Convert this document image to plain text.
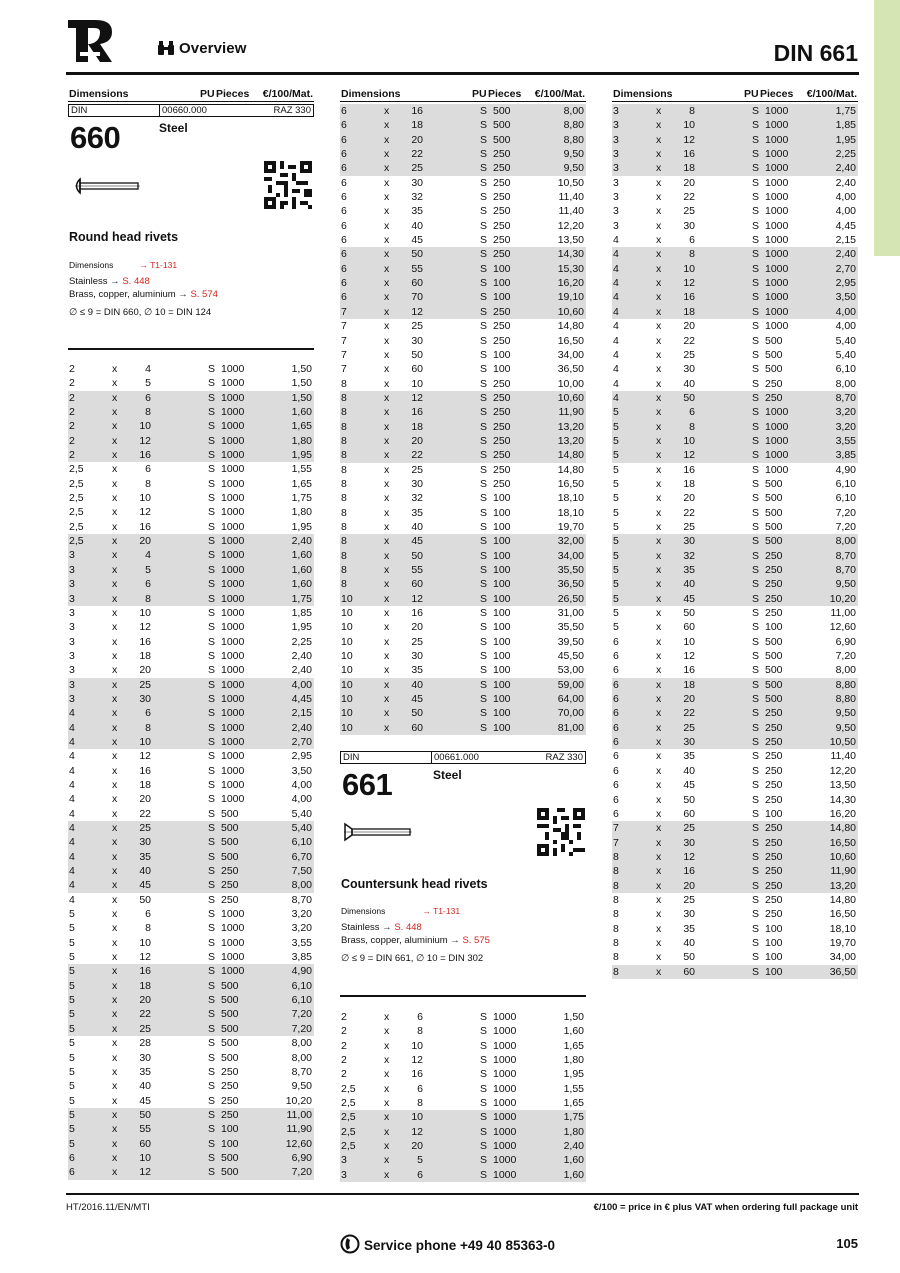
Overview	DIN 661
Dimensions	PU Pieces €/100/Mat.
DIN	00660.000	RAZ 330
660	Steel
Round head rivets
Dimensions	→ T1-131
Stainless → S. 448
Brass, copper, aluminium → S. 574
∅ ≤ 9 = DIN 660, ∅ 10 = DIN 124
2	x	4	S 1000	1,50
2	x	5	S 1000	1,50
2	x	6	S 1000	1,50
2	x	8	S 1000	1,60
2	x 10	S 1000	1,65
2	x 12	S 1000	1,80
2	x 16	S 1000	1,95
2,5	x	6	S 1000	1,55
2,5	x	8	S 1000	1,65
2,5	x 10	S 1000	1,75
2,5	x 12	S 1000	1,80
2,5	x 16	S 1000	1,95
2,5	x 20	S 1000	2,40
3	x	4	S 1000	1,60
3	x	5	S 1000	1,60
3	x	6	S 1000	1,60
3	x	8	S 1000	1,75
3	x 10	S 1000	1,85
3	x 12	S 1000	1,95
3	x 16	S 1000	2,25
3	x 18	S 1000	2,40
3	x 20	S 1000	2,40
3	x 25	S 1000	4,00
3	x 30	S 1000	4,45
4	x	6	S 1000	2,15
4	x	8	S 1000	2,40
4	x 10	S 1000	2,70
4	x 12	S 1000	2,95
4	x 16	S 1000	3,50
4	x 18	S 1000	4,00
4	x 20	S 1000	4,00
4	x 22	S 500	5,40
4	x 25	S 500	5,40
4	x 30	S 500	6,10
4	x 35	S 500	6,70
4	x 40	S 250	7,50
4	x 45	S 250	8,00
4	x 50	S 250	8,70
5	x	6	S 1000	3,20
5	x	8	S 1000	3,20
5	x 10	S 1000	3,55
5	x 12	S 1000	3,85
5	x 16	S 1000	4,90
5	x 18	S 500	6,10
5	x 20	S 500	6,10
5	x 22	S 500	7,20
5	x 25	S 500	7,20
5	x 28	S 500	8,00
5	x 30	S 500	8,00
5	x 35	S 250	8,70
5	x 40	S 250	9,50
5	x 45	S 250	10,20
5	x 50	S 250	11,00
5	x 55	S 100	11,90
5	x 60	S 100	12,60
6	x 10	S 500	6,90
6	x 12	S 500	7,20
Dimensions	PU Pieces €/100/Mat.
6	x 16	S 500	8,00
6	x 18	S 500	8,80
6	x 20	S 500	8,80
6	x 22	S 250	9,50
6	x 25	S 250	9,50
6	x 30	S 250	10,50
6	x 32	S 250	11,40
6	x 35	S 250	11,40
6	x 40	S 250	12,20
6	x 45	S 250	13,50
6	x 50	S 250	14,30
6	x 55	S 100	15,30
6	x 60	S 100	16,20
6	x 70	S 100	19,10
7	x 12	S 250	10,60
7	x 25	S 250	14,80
7	x 30	S 250	16,50
7	x 50	S 100	34,00
7	x 60	S 100	36,50
8	x 10	S 250	10,00
8	x 12	S 250	10,60
8	x 16	S 250	11,90
8	x 18	S 250	13,20
8	x 20	S 250	13,20
8	x 22	S 250	14,80
8	x 25	S 250	14,80
8	x 30	S 250	16,50
8	x 32	S 100	18,10
8	x 35	S 100	18,10
8	x 40	S 100	19,70
8	x 45	S 100	32,00
8	x 50	S 100	34,00
8	x 55	S 100	35,50
8	x 60	S 100	36,50
10	x 12	S 100	26,50
10	x 16	S 100	31,00
10	x 20	S 100	35,50
10	x 25	S 100	39,50
10	x 30	S 100	45,50
10	x 35	S 100	53,00
10	x 40	S 100	59,00
10	x 45	S 100	64,00
10	x 50	S 100	70,00
10	x 60	S 100	81,00
DIN	00661.000	RAZ 330
661	Steel
Countersunk head rivets
Dimensions	→ T1-131
Stainless → S. 448
Brass, copper, aluminium → S. 575
∅ ≤ 9 = DIN 661, ∅ 10 = DIN 302
2	x	6	S 1000	1,50
2	x	8	S 1000	1,60
2	x 10	S 1000	1,65
2	x 12	S 1000	1,80
2	x 16	S 1000	1,95
2,5	x	6	S 1000	1,55
2,5	x	8	S 1000	1,65
2,5	x 10	S 1000	1,75
2,5	x 12	S 1000	1,80
2,5	x 20	S 1000	2,40
3	x	5	S 1000	1,60
3	x	6	S 1000	1,60
Dimensions	PU Pieces €/100/Mat.
3	x	8	S 1000	1,75
3	x 10	S 1000	1,85
3	x 12	S 1000	1,95
3	x 16	S 1000	2,25
3	x 18	S 1000	2,40
3	x 20	S 1000	2,40
3	x 22	S 1000	4,00
3	x 25	S 1000	4,00
3	x 30	S 1000	4,45
4	x	6	S 1000	2,15
4	x	8	S 1000	2,40
4	x 10	S 1000	2,70
4	x 12	S 1000	2,95
4	x 16	S 1000	3,50
4	x 18	S 1000	4,00
4	x 20	S 1000	4,00
4	x 22	S 500	5,40
4	x 25	S 500	5,40
4	x 30	S 500	6,10
4	x 40	S 250	8,00
4	x 50	S 250	8,70
5	x	6	S 1000	3,20
5	x	8	S 1000	3,20
5	x 10	S 1000	3,55
5	x 12	S 1000	3,85
5	x 16	S 1000	4,90
5	x 18	S 500	6,10
5	x 20	S 500	6,10
5	x 22	S 500	7,20
5	x 25	S 500	7,20
5	x 30	S 500	8,00
5	x 32	S 250	8,70
5	x 35	S 250	8,70
5	x 40	S 250	9,50
5	x 45	S 250	10,20
5	x 50	S 250	11,00
5	x 60	S 100	12,60
6	x 10	S 500	6,90
6	x 12	S 500	7,20
6	x 16	S 500	8,00
6	x 18	S 500	8,80
6	x 20	S 500	8,80
6	x 22	S 250	9,50
6	x 25	S 250	9,50
6	x 30	S 250	10,50
6	x 35	S 250	11,40
6	x 40	S 250	12,20
6	x 45	S 250	13,50
6	x 50	S 250	14,30
6	x 60	S 100	16,20
7	x 25	S 250	14,80
7	x 30	S 250	16,50
8	x 12	S 250	10,60
8	x 16	S 250	11,90
8	x 20	S 250	13,20
8	x 25	S 250	14,80
8	x 30	S 250	16,50
8	x 35	S 100	18,10
8	x 40	S 100	19,70
8	x 50	S 100	34,00
8	x 60	S 100	36,50
HT/2016.11/EN/MTI	€/100 = price in € plus VAT when ordering full package unit
Service phone +49 40 85363-0	105
